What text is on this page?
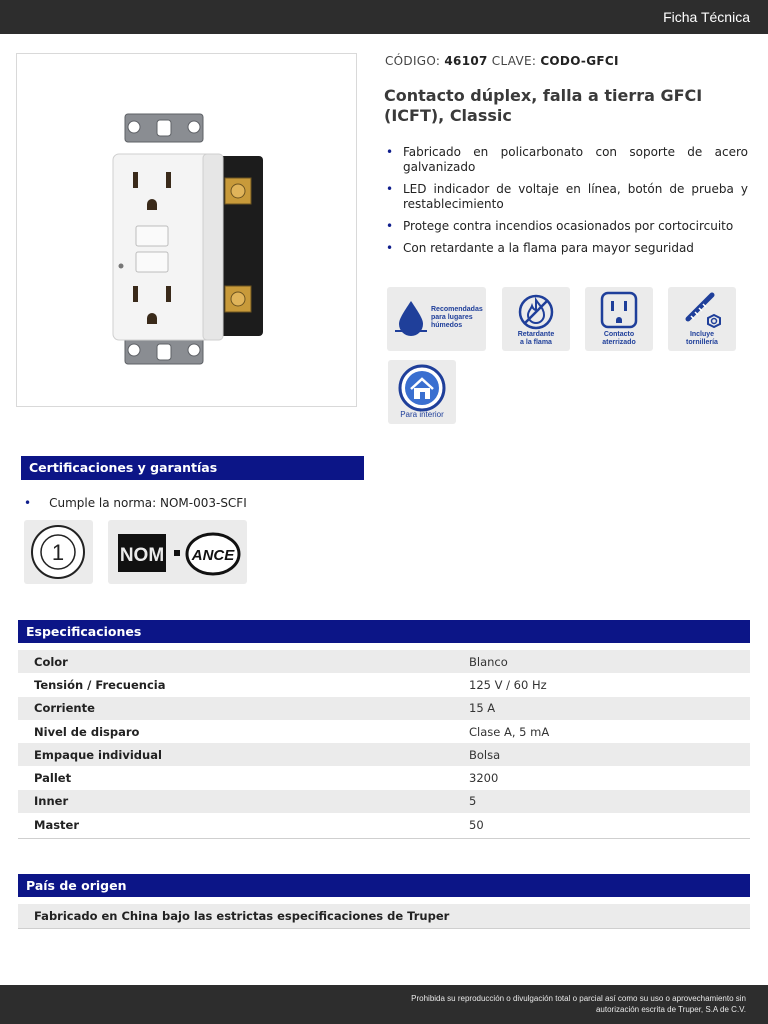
Ficha Técnica
CÓDIGO: 46107 CLAVE: CODO-GFCI
Contacto dúplex, falla a tierra GFCI (ICFT), Classic
• Fabricado en policarbonato con soporte de acero galvanizado
• LED indicador de voltaje en línea, botón de prueba y restablecimiento
• Protege contra incendios ocasionados por cortocircuito
• Con retardante a la flama para mayor seguridad
Recomendadas
para lugares
húmedos
Retardante
a la flama
Contacto
aterrizado
Incluye
tornillería
Para interior
Certificaciones y garantías
• Cumple la norma: NOM-003-SCFI
1	NOM ANCE
Especificaciones
Color	Blanco
Tensión / Frecuencia	125 V / 60 Hz
Corriente	15 A
Nivel de disparo	Clase A, 5 mA
Empaque individual	Bolsa
Pallet	3200
Inner	5
Master	50
País de origen
Fabricado en China bajo las estrictas especificaciones de Truper
Prohibida su reproducción o divulgación total o parcial así como su uso o aprovechamiento sin autorización escrita de Truper, S.A de C.V.
